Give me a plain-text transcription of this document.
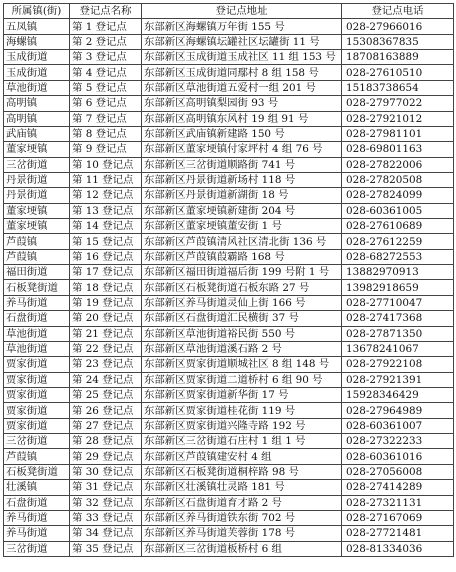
所属镇(街)	登记点名称	登记点地址	登记点电话
五凤镇	第 1 登记点	东部新区海螺镇万年街 155 号	028-27966016
海螺镇	第 2 登记点	东部新区海螺镇坛罐社区坛罐街 11 号	15308367835
玉成街道	第 3 登记点	东部新区玉成街道玉成社区 11 组 153 号	18708163889
玉成街道	第 4 登记点	东部新区玉成街道同鄢村 8 组 158 号	028-27610510
草池街道	第 5 登记点	东部新区草池街道五爱村一组 201 号	15183738654
高明镇	第 6 登记点	东部新区高明镇梨园街 93 号	028-27977022
高明镇	第 7 登记点	东部新区高明镇东风村 19 组 91 号	028-27921012
武庙镇	第 8 登记点	东部新区武庙镇新建路 150 号	028-27981101
董家埂镇	第 9 登记点	东部新区董家埂镇付家坪村 4 组 76 号	028-69801163
三岔街道	第 10 登记点	东部新区三岔街道顺路街 741 号	028-27822006
丹景街道	第 11 登记点	东部新区丹景街道新场村 118 号	028-27820508
丹景街道	第 12 登记点	东部新区丹景街道新湖街 18 号	028-27824099
董家埂镇	第 13 登记点	东部新区董家埂镇新建街 204 号	028-60361005
董家埂镇	第 14 登记点	东部新区董家埂镇董安街 1 号	028-27610689
芦葭镇	第 15 登记点	东部新区芦葭镇清风社区清北街 136 号	028-27612259
芦葭镇	第 16 登记点	东部新区芦葭镇葭霸路 168 号	028-68272553
福田街道	第 17 登记点	东部新区福田街道福后街 199 号附 1 号	13882970913
石板凳街道	第 18 登记点	东部新区石板凳街道石板东路 27 号	13982918659
养马街道	第 19 登记点	东部新区养马街道灵仙上街 166 号	028-27710047
石盘街道	第 20 登记点	东部新区石盘街道汇民横街 37 号	028-27417368
草池街道	第 21 登记点	东部新区草池街道裕民街 550 号	028-27871350
草池街道	第 22 登记点	东部新区草池街道溪石路 2 号	13678241067
贾家街道	第 23 登记点	东部新区贾家街道顺城社区 8 组 148 号	028-27922108
贾家街道	第 24 登记点	东部新区贾家街道二道桥村 6 组 90 号	028-27921391
贾家街道	第 25 登记点	东部新区贾家街道新华街 17 号	15928346429
贾家街道	第 26 登记点	东部新区贾家街道桂花街 119 号	028-27964989
贾家街道	第 27 登记点	东部新区贾家街道兴隆寺路 192 号	028-60361007
三岔街道	第 28 登记点	东部新区三岔街道石庄村 1 组 1 号	028-27322233
芦葭镇	第 29 登记点	东部新区芦葭镇建安村 4 组	028-60361016
石板凳街道	第 30 登记点	东部新区石板凳街道桐梓路 98 号	028-27056008
壮溪镇	第 31 登记点	东部新区壮溪镇壮灵路 181 号	028-27414289
石盘街道	第 32 登记点	东部新区石盘街道育才路 2 号	028-27321131
养马街道	第 33 登记点	东部新区养马街道铁东街 702 号	028-27167069
养马街道	第 34 登记点	东部新区养马街道芙蓉街 178 号	028-27721481
三岔街道	第 35 登记点	东部新区三岔街道板桥村 6 组	028-81334036
